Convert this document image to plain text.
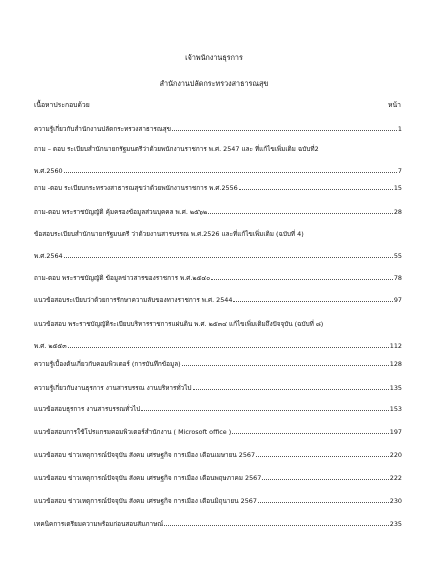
เจ้าพนักงานธุรการ
สำนักงานปลัดกระทรวงสาธารณสุข
เนื้อหาประกอบด้วย	หน้า
ความรู้เกี่ยวกับสำนักงานปลัดกระทรวงสาธารณสุข	1
ถาม – ตอบ ระเบียบสำนักนายกรัฐมนตรีว่าด้วยพนักงานราชการ พ.ศ. 2547 และ ที่แก้ไขเพิ่มเติม ฉบับที่2
พ.ศ.2560	7
ถาม -ตอบ ระเบียบกระทรวงสาธารณสุขว่าด้วยพนักงานราชการ พ.ศ.2556	15
ถาม-ตอบ พระราชบัญญัติ คุ้มครองข้อมูลส่วนบุคคล พ.ศ. ๒๕๖๒	28
ข้อสอบระเบียบสำนักนายกรัฐมนตรี ว่าด้วยงานสารบรรณ พ.ศ.2526 และที่แก้ไขเพิ่มเติม (ฉบับที่ 4)
พ.ศ.2564	55
ถาม-ตอบ พระราชบัญญัติ ข้อมูลข่าวสารของราชการ พ.ศ.๒๕๔๐	78
แนวข้อสอบระเบียบว่าด้วยการรักษาความลับของทางราชการ พ.ศ. 2544	97
แนวข้อสอบ พระราชบัญญัติระเบียบบริหารราชการแผ่นดิน พ.ศ. ๒๕๓๔ แก้ไขเพิ่มเติมถึงปัจจุบัน (ฉบับที่ ๘)
พ.ศ. ๒๕๕๓	112
ความรู้เบื้องต้นเกี่ยวกับคอมพิวเตอร์ (การบันทึกข้อมูล)	128
ความรู้เกี่ยวกับงานธุรการ งานสารบรรณ งานบริหารทั่วไป	135
แนวข้อสอบธุรการ งานสารบรรณทั่วไป	153
แนวข้อสอบการใช้โปรแกรมคอมพิวเตอร์สำนักงาน ( Microsoft office )	197
แนวข้อสอบ ข่าวเหตุการณ์ปัจจุบัน สังคม เศรษฐกิจ การเมือง เดือนเมษายน 2567	220
แนวข้อสอบ ข่าวเหตุการณ์ปัจจุบัน สังคม เศรษฐกิจ การเมือง เดือนพฤษภาคม 2567	222
แนวข้อสอบ ข่าวเหตุการณ์ปัจจุบัน สังคม เศรษฐกิจ การเมือง เดือนมิถุนายน 2567	230
เทคนิคการเตรียมความพร้อมก่อนสอบสัมภาษณ์	235
